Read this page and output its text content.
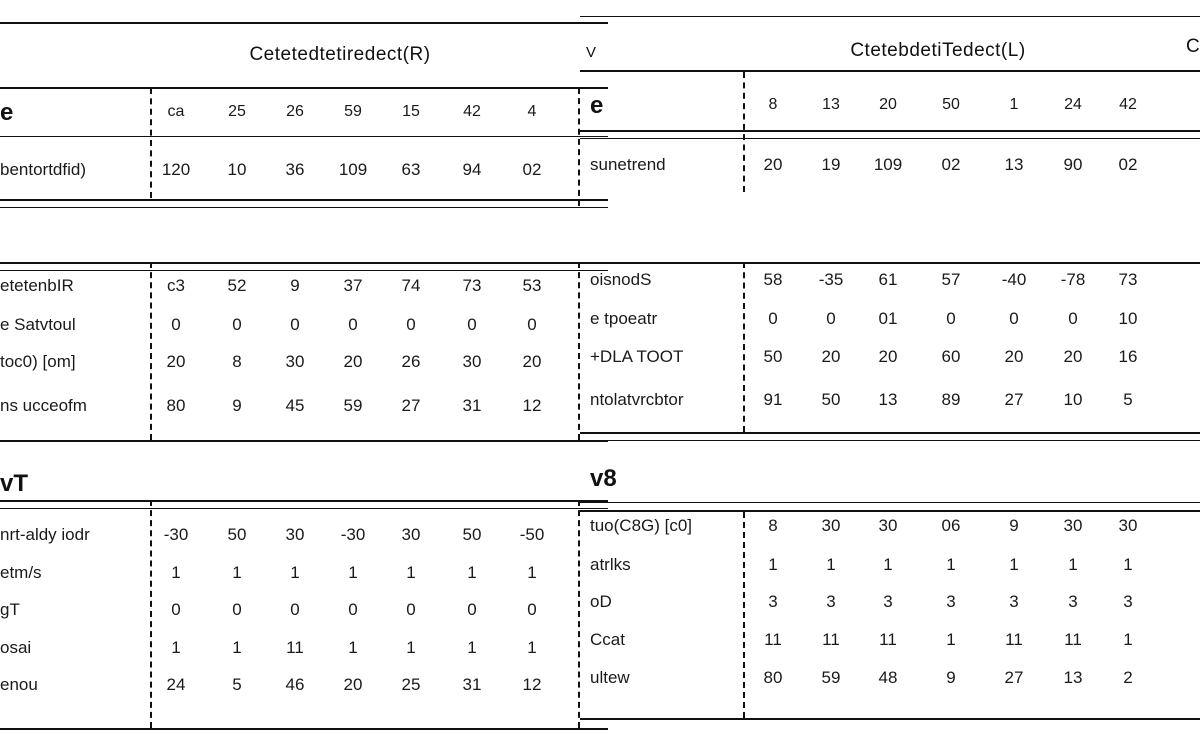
Cetetedtetiredect(R)
e	ca	25	26	59	15	42	4
bentortdfid)	120	10	36	109	63	94	02
etetenbIR	c3	52	9	37	74	73	53
e Satvtoul	0	0	0	0	0	0	0
toc0) [om]	20	8	30	20	26	30	20
ns ucceofm	80	9	45	59	27	31	12
vT
nrt-aldy iodr	-30	50	30	-30	30	50	-50
etm/s	1	1	1	1	1	1	1
gT	0	0	0	0	0	0	0
osai	1	1	11	1	1	1	1
enou	24	5	46	20	25	31	12
CtetebdetiTedect(L)
e	8	13	20	50	1	24	42
sunetrend	20	19	109	02	13	90	02
oisnodS	58	-35	61	57	-40	-78	73
e tpoeatr	0	0	01	0	0	0	10
+DLA TOOT	50	20	20	60	20	20	16
ntolatvrcbtor	91	50	13	89	27	10	5
v8
tuo(C8G) [c0]	8	30	30	06	9	30	30
atrlks	1	1	1	1	1	1	1
oD	3	3	3	3	3	3	3
Ccat	11	11	11	1	11	11	1
ultew	80	59	48	9	27	13	2
C
V
